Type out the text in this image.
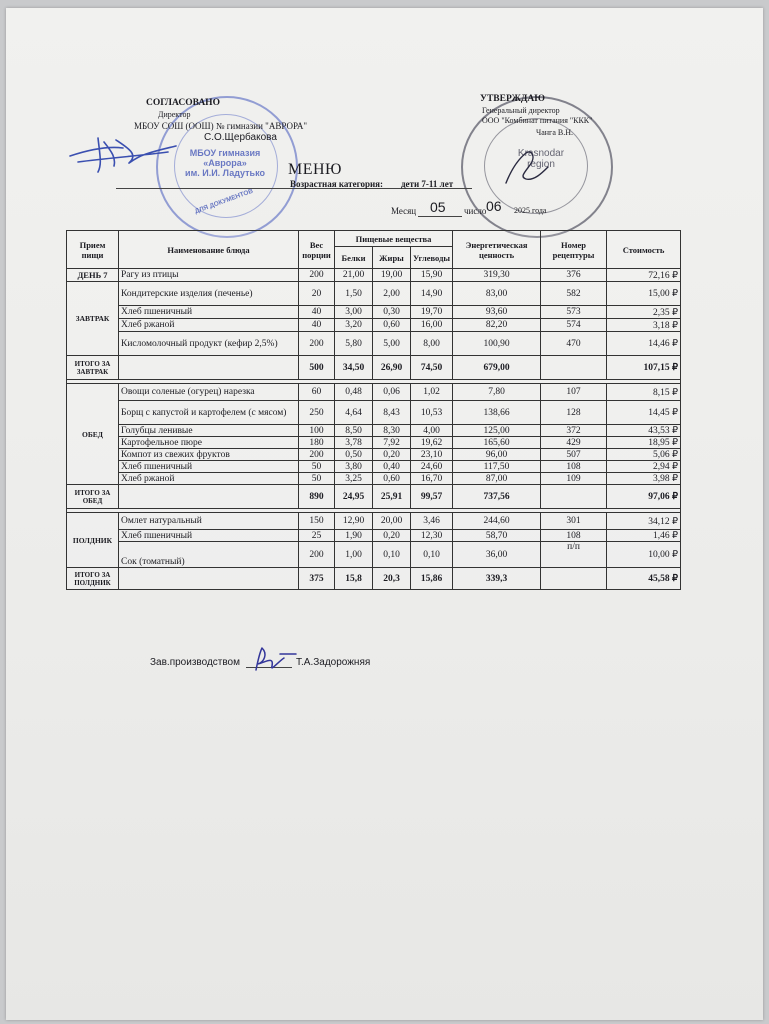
МБОУ гимназия
«Аврора»
им. И.И. Ладутько
ДЛЯ ДОКУМЕНТОВ
СОГЛАСОВАНО
Директор
МБОУ СОШ (ООШ) № гимназии "АВРОРА"
С.О.Щербакова
Krasnodar
region
УТВЕРЖДАЮ
Генеральный директор
ООО "Комбинат питания "ККК"
Чанга В.Н.
МЕНЮ
Возрастная категория: дети 7-11 лет
Месяц 05 число 06 2025 года
Прием пищи	Наименование блюда	Вес порции	Пищевые вещества			Энергетическая ценность	Номер рецептуры	Стоимость
			Белки	Жиры	Углеводы			
ДЕНЬ 7	Рагу из птицы	200	21,00	19,00	15,90	319,30	376	72,16 ₽
ЗАВТРАК	Кондитерские изделия (печенье)	20	1,50	2,00	14,90	83,00	582	15,00 ₽
	Хлеб пшеничный	40	3,00	0,30	19,70	93,60	573	2,35 ₽
	Хлеб ржаной	40	3,20	0,60	16,00	82,20	574	3,18 ₽
	Кисломолочный продукт (кефир 2,5%)	200	5,80	5,00	8,00	100,90	470	14,46 ₽
ИТОГО ЗА ЗАВТРАК		500	34,50	26,90	74,50	679,00		107,15 ₽

ОБЕД	Овощи соленые (огурец) нарезка	60	0,48	0,06	1,02	7,80	107	8,15 ₽
	Борщ с капустой и картофелем (с мясом)	250	4,64	8,43	10,53	138,66	128	14,45 ₽
	Голубцы ленивые	100	8,50	8,30	4,00	125,00	372	43,53 ₽
	Картофельное пюре	180	3,78	7,92	19,62	165,60	429	18,95 ₽
	Компот из свежих фруктов	200	0,50	0,20	23,10	96,00	507	5,06 ₽
	Хлеб пшеничный	50	3,80	0,40	24,60	117,50	108	2,94 ₽
	Хлеб ржаной	50	3,25	0,60	16,70	87,00	109	3,98 ₽
ИТОГО ЗА ОБЕД		890	24,95	25,91	99,57	737,56		97,06 ₽

ПОЛДНИК	Омлет натуральный	150	12,90	20,00	3,46	244,60	301	34,12 ₽
	Хлеб пшеничный	25	1,90	0,20	12,30	58,70	108	1,46 ₽
	Сок (томатный)	200	1,00	0,10	0,10	36,00	п/п	10,00 ₽
ИТОГО ЗА ПОЛДНИК		375	15,8	20,3	15,86	339,3		45,58 ₽
Зав.производством	Т.А.Задорожняя
